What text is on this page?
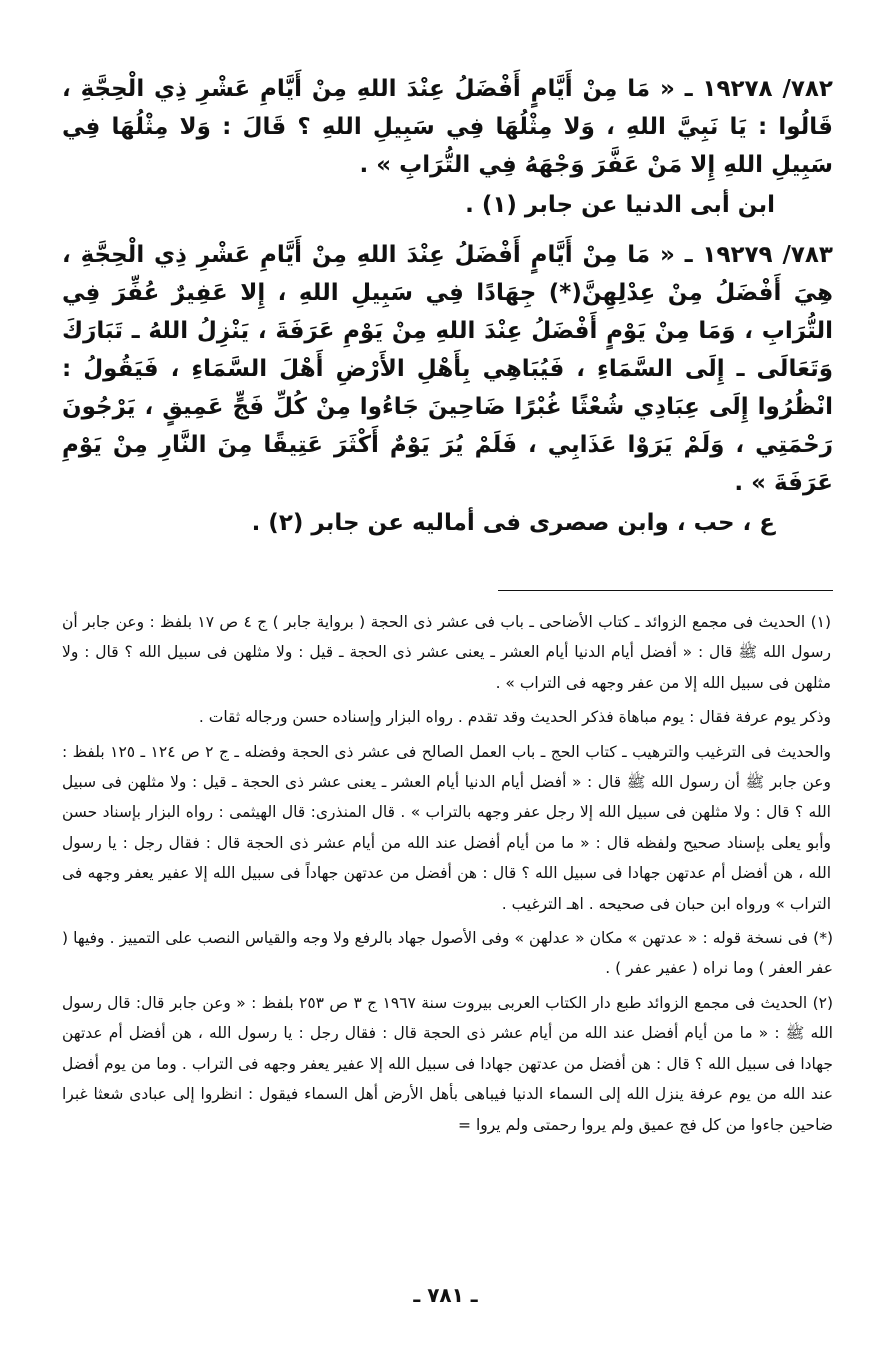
٧٨٢/ ١٩٢٧٨ ـ « مَا مِنْ أَيَّامٍ أَفْضَلُ عِنْدَ اللهِ مِنْ أَيَّامِ عَشْرِ ذِي الْحِجَّةِ ، قَالُوا : يَا نَبِيَّ اللهِ ، وَلا مِثْلُهَا فِي سَبِيلِ اللهِ ؟ قَالَ : وَلا مِثْلُهَا فِي سَبِيلِ اللهِ إِلا مَنْ عَفَّرَ وَجْهَهُ فِي التُّرَابِ » .

ابن أبى الدنيا عن جابر (١) .

٧٨٣/ ١٩٢٧٩ ـ « مَا مِنْ أَيَّامٍ أَفْضَلُ عِنْدَ اللهِ مِنْ أَيَّامِ عَشْرِ ذِي الْحِجَّةِ ، هِيَ أَفْضَلُ مِنْ عِدْلِهِنَّ(*) جِهَادًا فِي سَبِيلِ اللهِ ، إِلا عَفِيرٌ عُفِّرَ فِي التُّرَابِ ، وَمَا مِنْ يَوْمٍ أَفْضَلُ عِنْدَ اللهِ مِنْ يَوْمِ عَرَفَةَ ، يَنْزِلُ اللهُ ـ تَبَارَكَ وَتَعَالَى ـ إِلَى السَّمَاءِ ، فَيُبَاهِي بِأَهْلِ الأَرْضِ أَهْلَ السَّمَاءِ ، فَيَقُولُ : انْظُرُوا إِلَى عِبَادِي شُعْثًا غُبْرًا ضَاحِينَ جَاءُوا مِنْ كُلِّ فَجٍّ عَمِيقٍ ، يَرْجُونَ رَحْمَتِي ، وَلَمْ يَرَوْا عَذَابِي ، فَلَمْ يُرَ يَوْمٌ أَكْثَرَ عَتِيقًا مِنَ النَّارِ مِنْ يَوْمِ عَرَفَةَ » .

ع ، حب ، وابن صصرى فى أماليه عن جابر (٢) .

(١) الحديث فى مجمع الزوائد ـ كتاب الأضاحى ـ باب فى عشر ذى الحجة ( برواية جابر ) ج ٤ ص ١٧ بلفظ : وعن جابر أن رسول الله ﷺ قال : « أفضل أيام الدنيا أيام العشر ـ يعنى عشر ذى الحجة ـ قيل : ولا مثلهن فى سبيل الله ؟ قال : ولا مثلهن فى سبيل الله إلا من عفر وجهه فى التراب » .

وذكر يوم عرفة فقال : يوم مباهاة فذكر الحديث وقد تقدم . رواه البزار وإسناده حسن ورجاله ثقات .

والحديث فى الترغيب والترهيب ـ كتاب الحج ـ باب العمل الصالح فى عشر ذى الحجة وفضله ـ ج ٢ ص ١٢٤ ـ ١٢٥ بلفظ : وعن جابر ﷺ أن رسول الله ﷺ قال : « أفضل أيام الدنيا أيام العشر ـ يعنى عشر ذى الحجة ـ قيل : ولا مثلهن فى سبيل الله ؟ قال : ولا مثلهن فى سبيل الله إلا رجل عفر وجهه بالتراب » . قال المنذرى: قال الهيثمى : رواه البزار بإسناد حسن وأبو يعلى بإسناد صحيح ولفظه قال : « ما من أيام أفضل عند الله من أيام عشر ذى الحجة قال : فقال رجل : يا رسول الله ، هن أفضل أم عدتهن جهادا فى سبيل الله ؟ قال : هن أفضل من عدتهن جهاداً فى سبيل الله إلا عفير يعفر وجهه فى التراب » ورواه ابن حبان فى صحيحه . اهـ الترغيب .

(*) فى نسخة قوله : « عدتهن » مكان « عدلهن » وفى الأصول جهاد بالرفع ولا وجه والقياس النصب على التمييز . وفيها ( عفر العفر ) وما نراه ( عفير عفر ) .

(٢) الحديث فى مجمع الزوائد طبع دار الكتاب العربى بيروت سنة ١٩٦٧ ج ٣ ص ٢٥٣ بلفظ : « وعن جابر قال: قال رسول الله ﷺ : « ما من أيام أفضل عند الله من أيام عشر ذى الحجة قال : فقال رجل : يا رسول الله ، هن أفضل أم عدتهن جهادا فى سبيل الله ؟ قال : هن أفضل من عدتهن جهادا فى سبيل الله إلا عفير يعفر وجهه فى التراب . وما من يوم أفضل عند الله من يوم عرفة ينزل الله إلى السماء الدنيا فيباهى بأهل الأرض أهل السماء فيقول : انظروا إلى عبادى شعثا غبرا ضاحين جاءوا من كل فج عميق ولم يروا رحمتى ولم يروا =

ـ ٧٨١ ـ
